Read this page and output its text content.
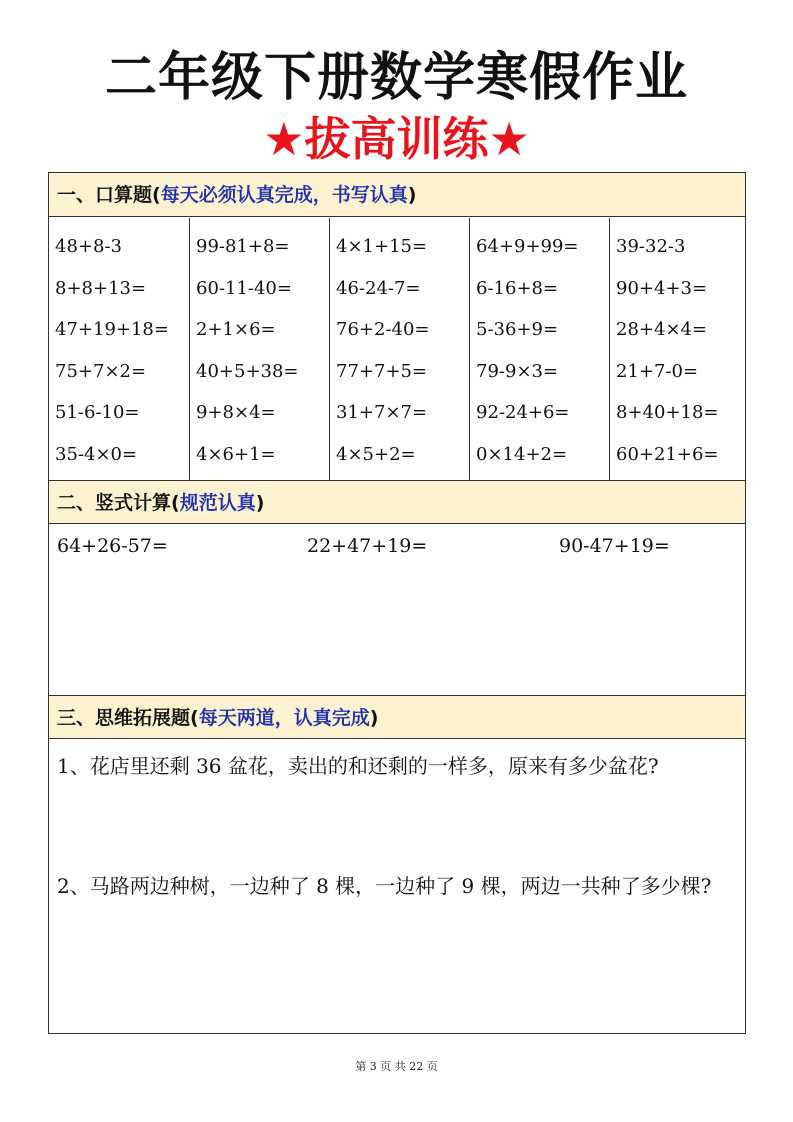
二年级下册数学寒假作业
★拔高训练★
一、口算题(每天必须认真完成，书写认真)
48+8-3
8+8+13=
47+19+18=
75+7×2=
51-6-10=
35-4×0=
99-81+8=
60-11-40=
2+1×6=
40+5+38=
9+8×4=
4×6+1=
4×1+15=
46-24-7=
76+2-40=
77+7+5=
31+7×7=
4×5+2=
64+9+99=
6-16+8=
5-36+9=
79-9×3=
92-24+6=
0×14+2=
39-32-3
90+4+3=
28+4×4=
21+7-0=
8+40+18=
60+21+6=
二、竖式计算(规范认真)
64+26-57=	22+47+19=	90-47+19=
三、思维拓展题(每天两道，认真完成)
1、花店里还剩 36 盆花，卖出的和还剩的一样多，原来有多少盆花?
2、马路两边种树，一边种了 8 棵，一边种了 9 棵，两边一共种了多少棵?
第 3 页 共 22 页
